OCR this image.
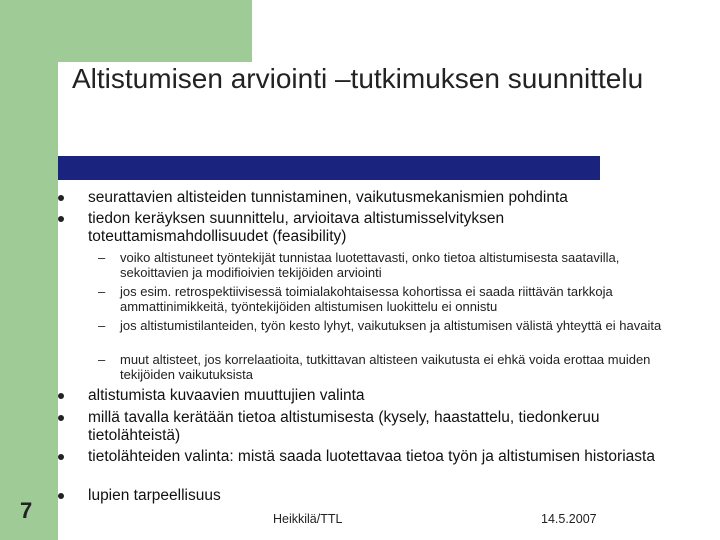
Altistumisen arviointi –tutkimuksen suunnittelu
seurattavien altisteiden tunnistaminen, vaikutusmekanismien pohdinta
tiedon keräyksen suunnittelu, arvioitava altistumisselvityksen toteuttamismahdollisuudet (feasibility)
– voiko altistuneet työntekijät tunnistaa luotettavasti, onko tietoa altistumisesta saatavilla, sekoittavien ja modifioivien tekijöiden arviointi
– jos esim. retrospektiivisessä toimialakohtaisessa kohortissa ei saada riittävän tarkkoja ammattinimikkeitä, työntekijöiden altistumisen luokittelu ei onnistu
– jos altistumistilanteiden, työn kesto lyhyt, vaikutuksen ja altistumisen välistä yhteyttä ei havaita
– muut altisteet, jos korrelaatioita, tutkittavan altisteen vaikutusta ei ehkä voida erottaa muiden tekijöiden vaikutuksista
altistumista kuvaavien muuttujien valinta
millä tavalla kerätään tietoa altistumisesta (kysely, haastattelu, tiedonkeruu tietolähteistä)
tietolähteiden valinta: mistä saada luotettavaa tietoa työn ja altistumisen historiasta
lupien tarpeellisuus
7	Heikkilä/TTL	14.5.2007
